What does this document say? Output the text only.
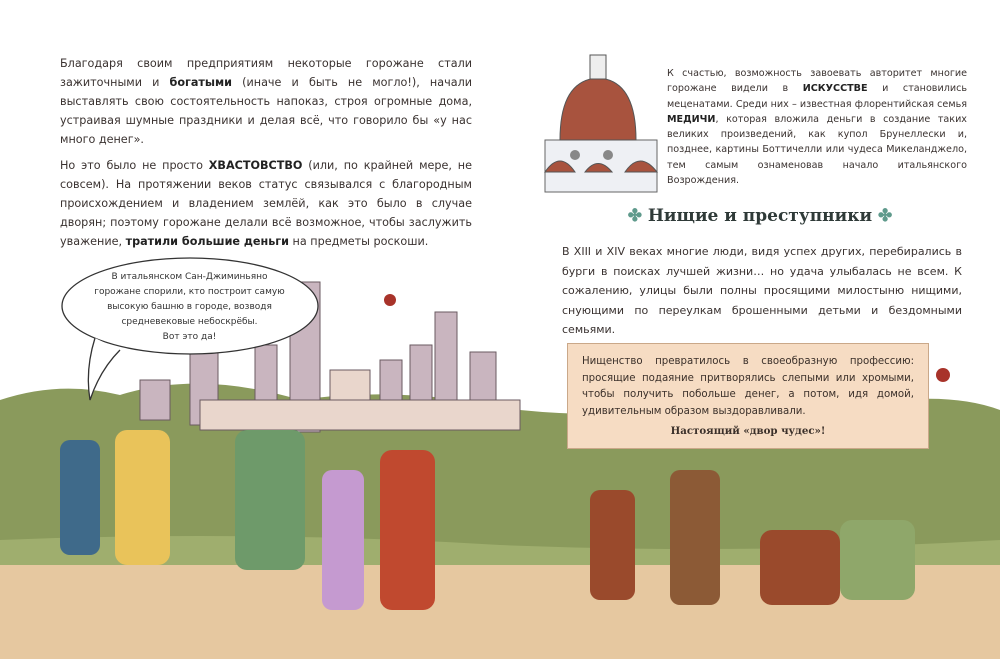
Благодаря своим предприятиям некоторые горожане стали зажиточными и богатыми (иначе и быть не могло!), начали выставлять свою состоятельность напоказ, строя огромные дома, устраивая шумные праздники и делая всё, что говорило бы «у нас много денег».

Но это было не просто ХВАСТОВСТВО (или, по крайней мере, не совсем). На протяжении веков статус связывался с благородным происхождением и владением землёй, как это было в случае дворян; поэтому горожане делали всё возможное, чтобы заслужить уважение, тратили большие деньги на предметы роскоши.

К счастью, возможность завоевать авторитет многие горожане видели в ИСКУССТВЕ и становились меценатами. Среди них – известная флорентийская семья МЕДИЧИ, которая вложила деньги в создание таких великих произведений, как купол Брунеллески и, позднее, картины Боттичелли или чудеса Микеланджело, тем самым ознаменовав начало итальянского Возрождения.
✤ Нищие и преступники ✤
В XIII и XIV веках многие люди, видя успех других, перебирались в бурги в поисках лучшей жизни… но удача улыбалась не всем. К сожалению, улицы были полны просящими милостыню нищими, снующими по переулкам брошенными детьми и бездомными семьями.
В итальянском Сан-Джиминьяно
горожане спорили, кто построит самую
высокую башню в городе, возводя
средневековые небоскрёбы.
Вот это да!
Нищенство превратилось в своеобразную профессию: просящие подаяние притворялись слепыми или хромыми, чтобы получить побольше денег, а потом, идя домой, удивительным образом выздоравливали.
Настоящий «двор чудес»!
